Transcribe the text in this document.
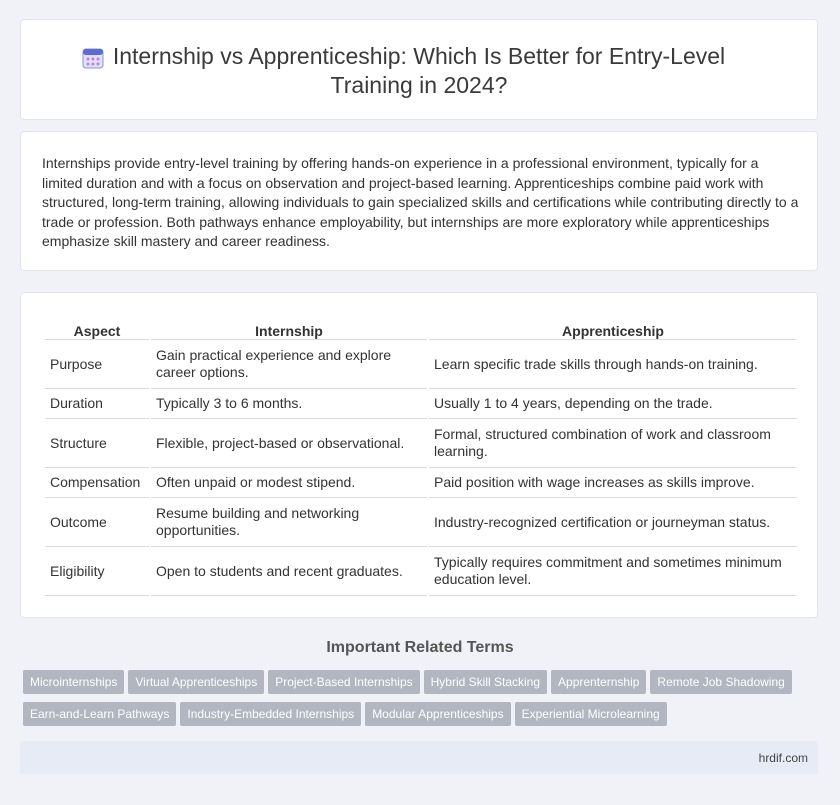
Internship vs Apprenticeship: Which Is Better for Entry-Level Training in 2024?

Internships provide entry-level training by offering hands-on experience in a professional environment, typically for a limited duration and with a focus on observation and project-based learning. Apprenticeships combine paid work with structured, long-term training, allowing individuals to gain specialized skills and certifications while contributing directly to a trade or profession. Both pathways enhance employability, but internships are more exploratory while apprenticeships emphasize skill mastery and career readiness.

Aspect	Internship	Apprenticeship
Purpose	Gain practical experience and explore career options.	Learn specific trade skills through hands-on training.
Duration	Typically 3 to 6 months.	Usually 1 to 4 years, depending on the trade.
Structure	Flexible, project-based or observational.	Formal, structured combination of work and classroom learning.
Compensation	Often unpaid or modest stipend.	Paid position with wage increases as skills improve.
Outcome	Resume building and networking opportunities.	Industry-recognized certification or journeyman status.
Eligibility	Open to students and recent graduates.	Typically requires commitment and sometimes minimum education level.
Important Related Terms
Microinternships Virtual Apprenticeships Project-Based Internships Hybrid Skill Stacking Apprenternship Remote Job Shadowing
Earn-and-Learn Pathways Industry-Embedded Internships Modular Apprenticeships Experiential Microlearning
hrdif.com
